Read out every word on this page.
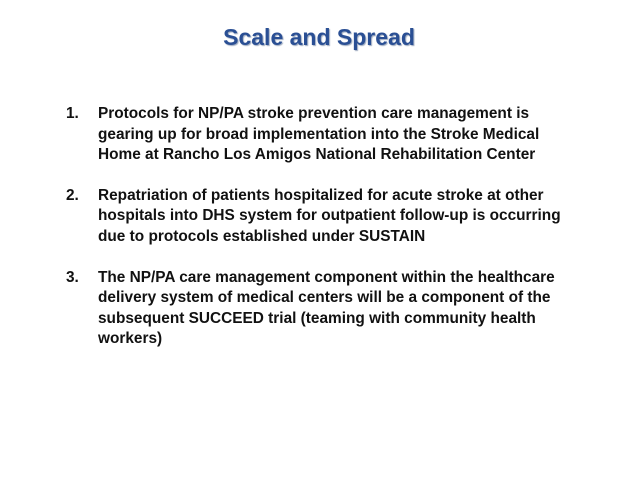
Scale and Spread
1.	Protocols for NP/PA stroke prevention care management is gearing up for broad implementation into the Stroke Medical Home at Rancho Los Amigos National Rehabilitation Center
2.	Repatriation of patients hospitalized for acute stroke at other hospitals into DHS system for outpatient follow-up is occurring due to protocols established under SUSTAIN
3.	The NP/PA care management component within the healthcare delivery system of medical centers will be a component of the subsequent SUCCEED trial (teaming with community health workers)
